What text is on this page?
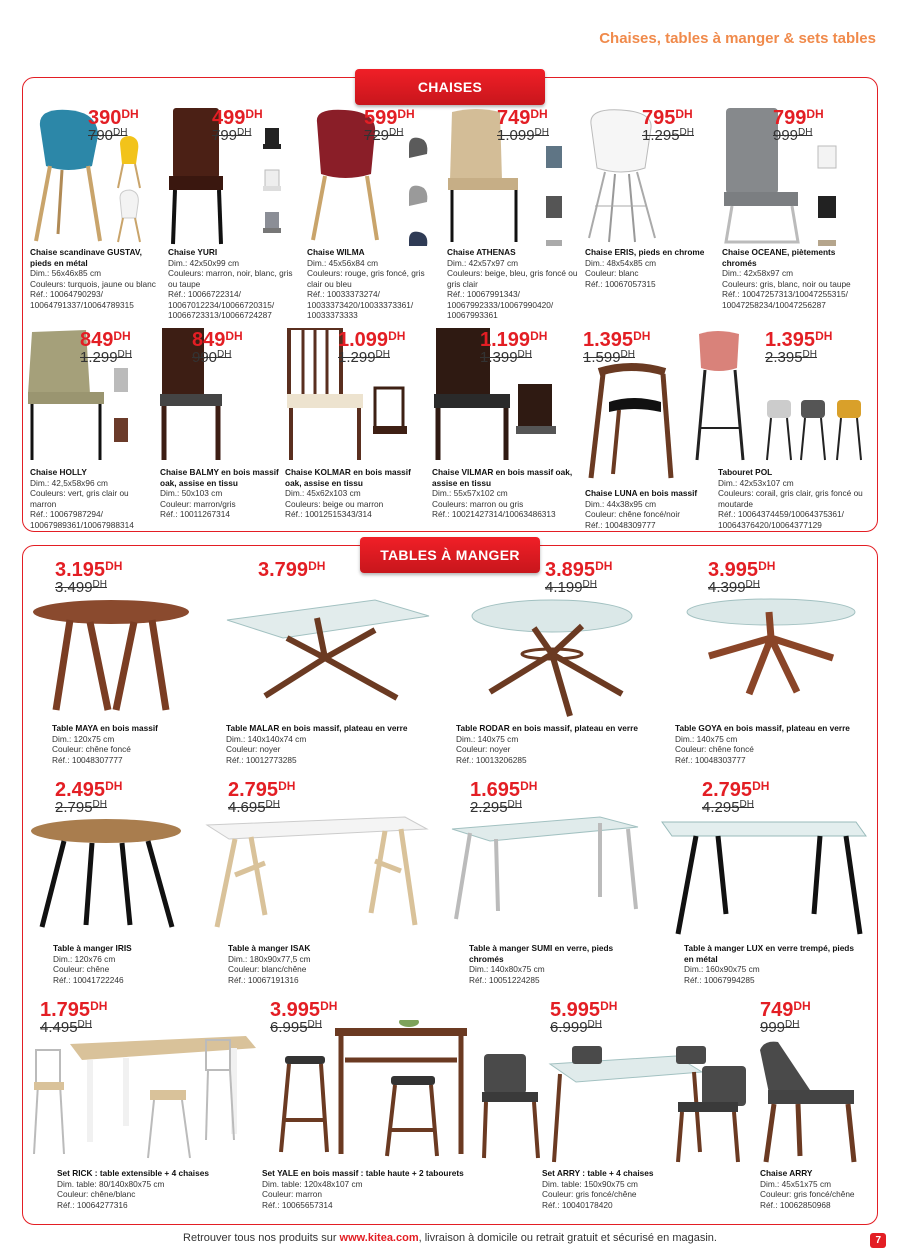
Chaises, tables à manger & sets tables
CHAISES
$390^{DH}$
$790^{DH}$
Chaise scandinave GUSTAV, pieds en métal
Dim.: 56x46x85 cm
Couleurs: turquois, jaune ou blanc
Réf.: 10064790293/ 10064791337/10064789315
$499^{DH}$
$799^{DH}$
Chaise YURI
Dim.: 42x50x99 cm
Couleurs: marron, noir, blanc, gris ou taupe
Réf.: 10066722314/ 10067012234/10066720315/ 10066723313/10066724287
$599^{DH}$
$729^{DH}$
Chaise WILMA
Dim.: 45x56x84 cm
Couleurs: rouge, gris foncé, gris clair ou bleu
Réf.: 10033373274/ 10033373420/10033373361/ 10033373333
$749^{DH}$
$1.099^{DH}$
Chaise ATHENAS
Dim.: 42x57x97 cm
Couleurs: beige, bleu, gris foncé ou gris clair
Réf.: 10067991343/ 10067992333/10067990420/ 10067993361
$795^{DH}$
$1.295^{DH}$
Chaise ERIS, pieds en chrome
Dim.: 48x54x85 cm
Couleur: blanc
Réf.: 10067057315
$799^{DH}$
$999^{DH}$
Chaise OCEANE, piètements chromés
Dim.: 42x58x97 cm
Couleurs: gris, blanc, noir ou taupe
Réf.: 10047257313/10047255315/ 10047258234/10047256287
$849^{DH}$
$1.299^{DH}$
Chaise HOLLY
Dim.: 42,5x58x96 cm
Couleurs: vert, gris clair ou marron
Réf.: 10067987294/ 10067989361/10067988314
$849^{DH}$
$990^{DH}$
Chaise BALMY en bois massif oak, assise en tissu
Dim.: 50x103 cm
Couleur: marron/gris
Réf.: 10011267314
$1.099^{DH}$
$1.299^{DH}$
Chaise KOLMAR en bois massif oak, assise en tissu
Dim.: 45x62x103 cm
Couleurs: beige ou marron
Réf.: 10012515343/314
$1.199^{DH}$
$1.399^{DH}$
Chaise VILMAR en bois massif oak, assise en tissu
Dim.: 55x57x102 cm
Couleurs: marron ou gris
Réf.: 10021427314/10063486313
$1.395^{DH}$
$1.599^{DH}$
Chaise LUNA en bois massif
Dim.: 44x38x95 cm
Couleur: chêne foncé/noir
Réf.: 10048309777
$1.395^{DH}$
$2.395^{DH}$
Tabouret POL
Dim.: 42x53x107 cm
Couleurs: corail, gris clair, gris foncé ou moutarde
Réf.: 10064374459/10064375361/ 10064376420/10064377129
TABLES À MANGER
$3.195^{DH}$
$3.499^{DH}$
Table MAYA en bois massif
Dim.: 120x75 cm
Couleur: chêne foncé
Réf.: 10048307777
$3.799^{DH}$
Table MALAR en bois massif, plateau en verre
Dim.: 140x140x74 cm
Couleur: noyer
Réf.: 10012773285
$3.895^{DH}$
$4.199^{DH}$
Table RODAR en bois massif, plateau en verre
Dim.: 140x75 cm
Couleur: noyer
Réf.: 10013206285
$3.995^{DH}$
$4.399^{DH}$
Table GOYA en bois massif, plateau en verre
Dim.: 140x75 cm
Couleur: chêne foncé
Réf.: 10048303777
$2.495^{DH}$
$2.795^{DH}$
Table à manger IRIS
Dim.: 120x76 cm
Couleur: chêne
Réf.: 10041722246
$2.795^{DH}$
$4.695^{DH}$
Table à manger ISAK
Dim.: 180x90x77,5 cm
Couleur: blanc/chêne
Réf.: 10067191316
$1.695^{DH}$
$2.295^{DH}$
Table à manger SUMI en verre, pieds chromés
Dim.: 140x80x75 cm
Réf.: 10051224285
$2.795^{DH}$
$4.295^{DH}$
Table à manger LUX en verre trempé, pieds en métal
Dim.: 160x90x75 cm
Réf.: 10067994285
$1.795^{DH}$
$4.495^{DH}$
Set RICK : table extensible + 4 chaises
Dim. table: 80/140x80x75 cm
Couleur: chêne/blanc
Réf.: 10064277316
$3.995^{DH}$
$6.995^{DH}$
Set YALE en bois massif : table haute + 2 tabourets
Dim. table: 120x48x107 cm
Couleur: marron
Réf.: 10065657314
$5.995^{DH}$
$6.999^{DH}$
Set ARRY : table + 4 chaises
Dim. table: 150x90x75 cm
Couleur: gris foncé/chêne
Réf.: 10040178420
$749^{DH}$
$999^{DH}$
Chaise ARRY
Dim.: 45x51x75 cm
Couleur: gris foncé/chêne
Réf.: 10062850968
Retrouver tous nos produits sur www.kitea.com, livraison à domicile ou retrait gratuit et sécurisé en magasin.	7
